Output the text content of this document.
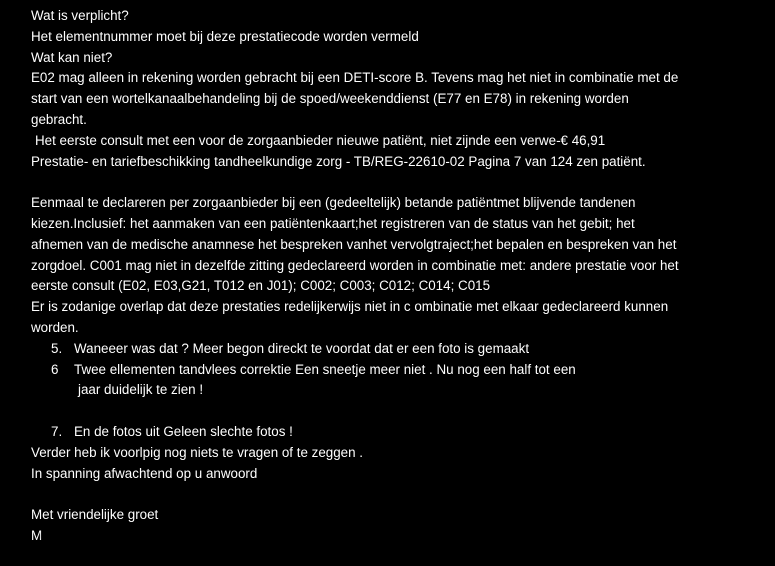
Wat is verplicht?
Het elementnummer moet bij deze prestatiecode worden vermeld
Wat kan niet?
E02 mag alleen in rekening worden gebracht bij een DETI-score B. Tevens mag het niet in combinatie met de
start van een wortelkanaalbehandeling bij de spoed/weekenddienst (E77 en E78) in rekening worden
gebracht.
Het eerste consult met een voor de zorgaanbieder nieuwe patiënt, niet zijnde een verwe-€ 46,91
Prestatie- en tariefbeschikking tandheelkundige zorg - TB/REG-22610-02 Pagina 7 van 124 zen patiënt.
Eenmaal te declareren per zorgaanbieder bij een (gedeeltelijk) betande patiëntmet blijvende tandenen
kiezen.Inclusief: het aanmaken van een patiëntenkaart;het registreren van de status van het gebit; het
afnemen van de medische anamnese het bespreken vanhet vervolgtraject;het bepalen en bespreken van het
zorgdoel. C001 mag niet in dezelfde zitting gedeclareerd worden in combinatie met: andere prestatie voor het
eerste consult (E02, E03,G21, T012 en J01); C002; C003; C012; C014; C015
Er is zodanige overlap dat deze prestaties redelijkerwijs niet in c ombinatie met elkaar gedeclareerd kunnen
worden.
5. Waneeer was dat ? Meer begon direckt te voordat dat er een foto is gemaakt
6 Twee ellementen tandvlees correktie Een sneetje meer niet . Nu nog een half tot een
jaar duidelijk te zien !
7. En de fotos uit Geleen slechte fotos !
Verder heb ik voorlpig nog niets te vragen of te zeggen .
In spanning afwachtend op u anwoord
Met vriendelijke groet
M
